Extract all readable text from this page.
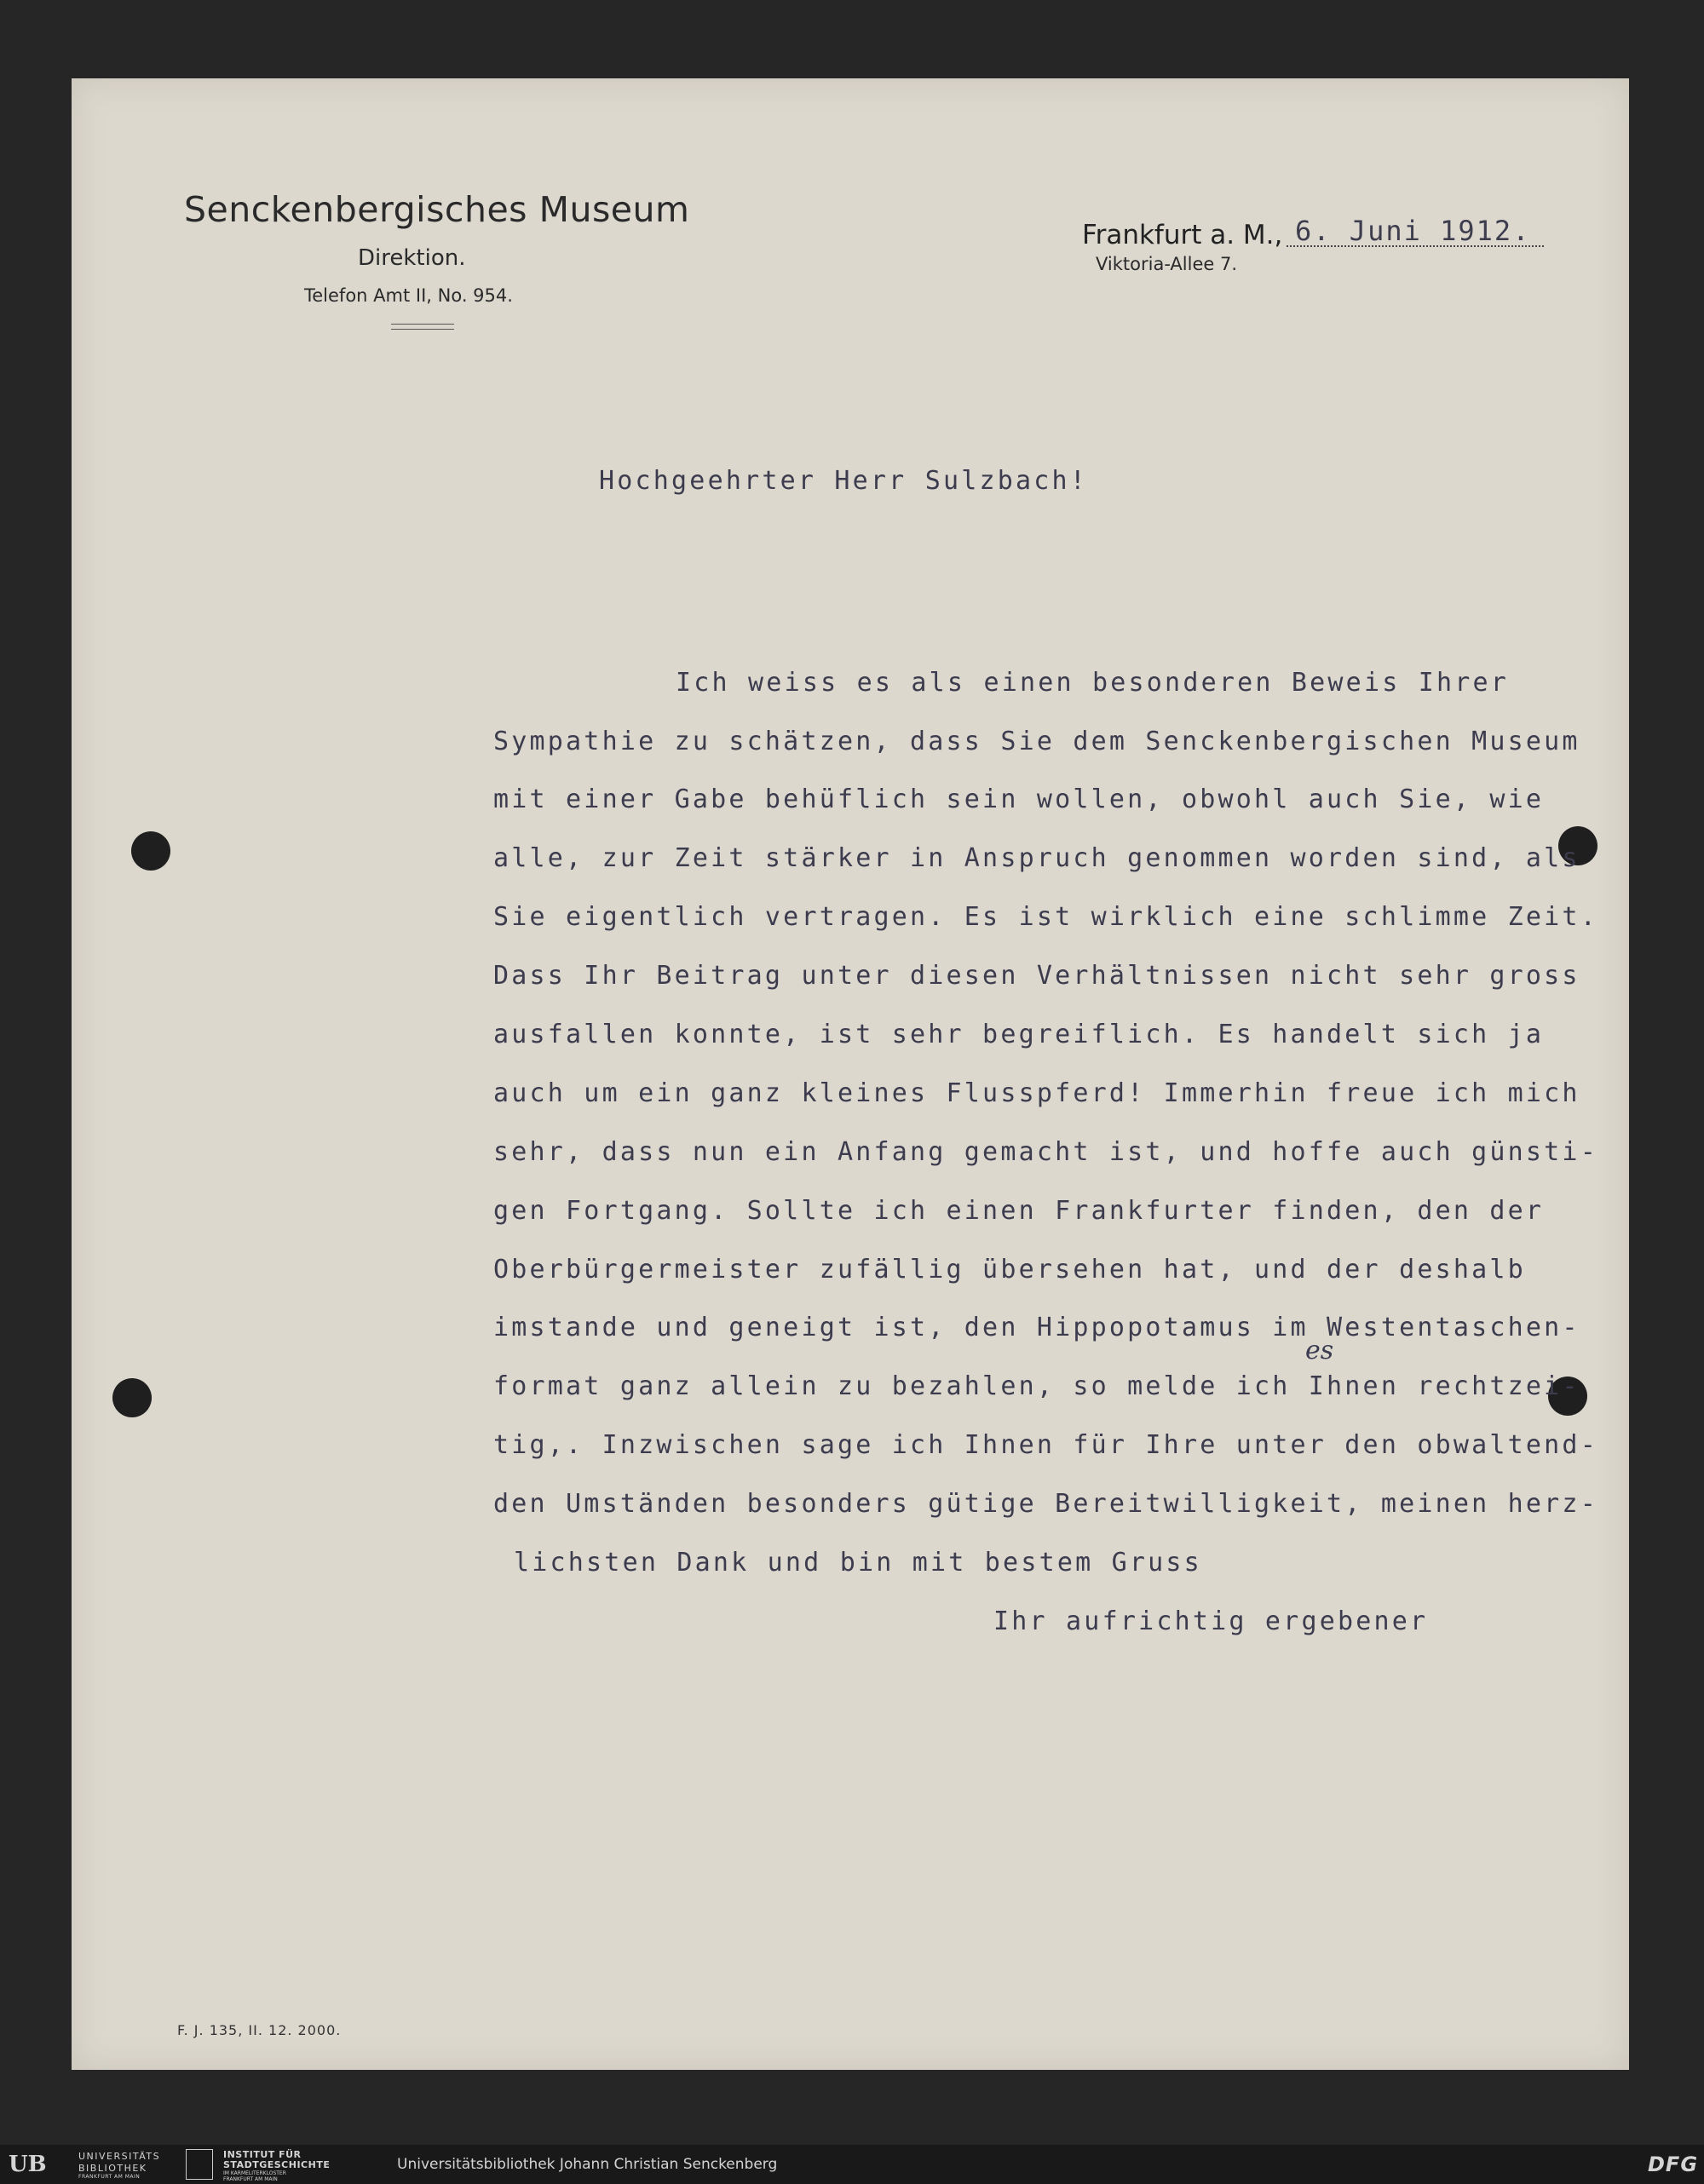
Senckenbergisches Museum
Direktion.
Telefon Amt II, No. 954.
Frankfurt a. M., 6. Juni 1912.
Viktoria-Allee 7.
Hochgeehrter Herr Sulzbach!
Ich weiss es als einen besonderen Beweis Ihrer
Sympathie zu schätzen, dass Sie dem Senckenbergischen Museum
mit einer Gabe behüflich sein wollen, obwohl auch Sie, wie
alle, zur Zeit stärker in Anspruch genommen worden sind, als
Sie eigentlich vertragen. Es ist wirklich eine schlimme Zeit.
Dass Ihr Beitrag unter diesen Verhältnissen nicht sehr gross
ausfallen konnte, ist sehr begreiflich. Es handelt sich ja
auch um ein ganz kleines Flusspferd! Immerhin freue ich mich
sehr, dass nun ein Anfang gemacht ist, und hoffe auch günsti-
gen Fortgang. Sollte ich einen Frankfurter finden, den der
Oberbürgermeister zufällig übersehen hat, und der deshalb
imstande und geneigt ist, den Hippopotamus im Westentaschen-
format ganz allein zu bezahlen, so melde ich Ihnen rechtzei-
tig,. Inzwischen sage ich Ihnen für Ihre unter den obwaltend-
den Umständen besonders gütige Bereitwilligkeit, meinen herz-
lichsten Dank und bin mit bestem Gruss
es
Ihr aufrichtig ergebener
F. J. 135, II. 12. 2000.
UB	UNIVERSITÄTS
BIBLIOTHEK
FRANKFURT AM MAIN
INSTITUT FÜR
STADTGESCHICHTE
IM KARMELITERKLOSTER
FRANKFURT AM MAIN
Universitätsbibliothek Johann Christian Senckenberg	DFG
